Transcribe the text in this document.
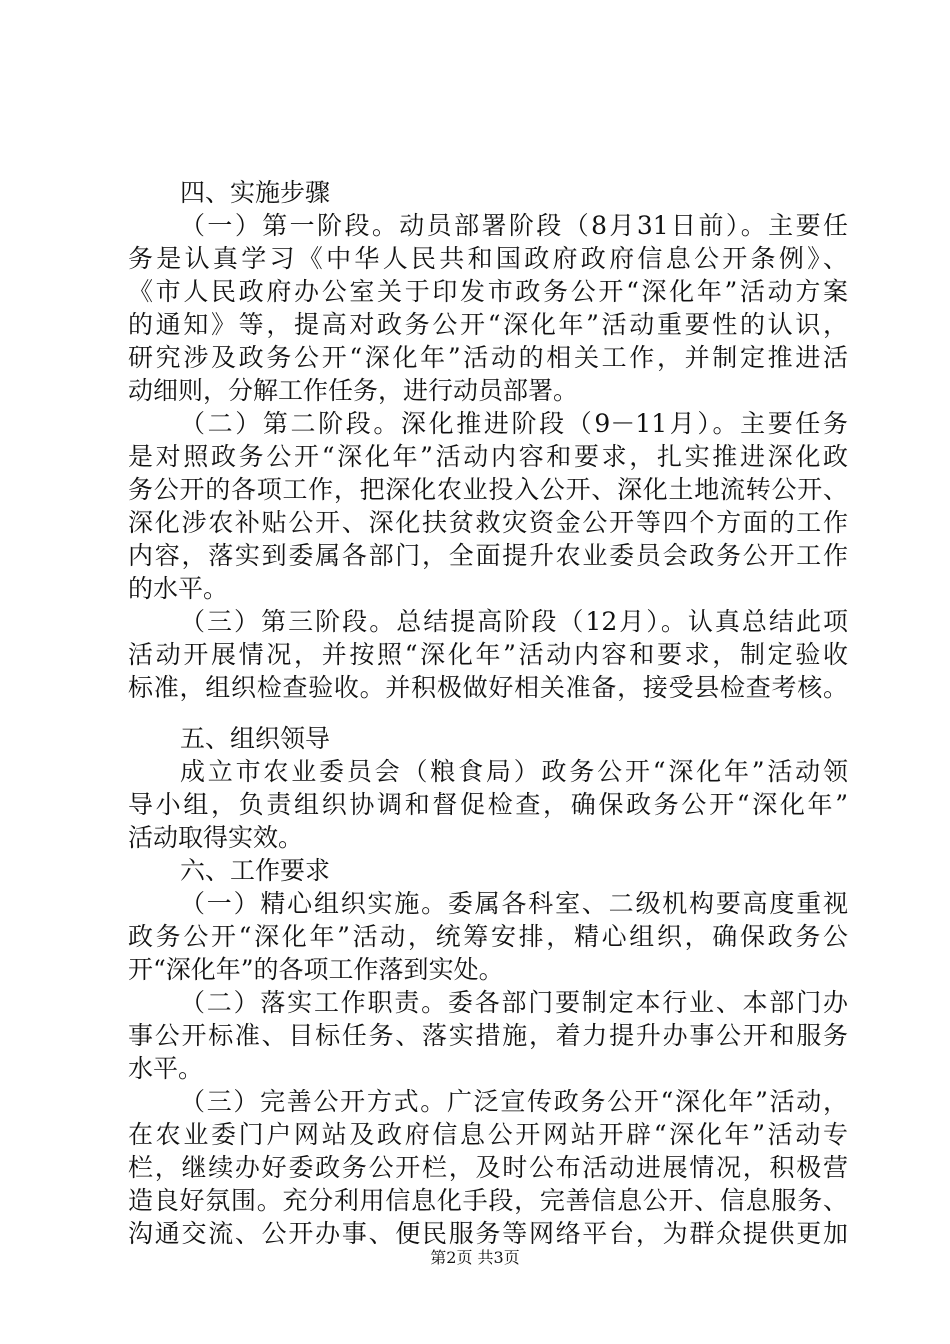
四、实施步骤
（一）第一阶段。动员部署阶段（8月31日前）。主要任
务是认真学习《中华人民共和国政府政府信息公开条例》、
《市人民政府办公室关于印发市政务公开“深化年”活动方案
的通知》等，提高对政务公开“深化年”活动重要性的认识，
研究涉及政务公开“深化年”活动的相关工作，并制定推进活
动细则，分解工作任务，进行动员部署。
（二）第二阶段。深化推进阶段（9－11月）。主要任务
是对照政务公开“深化年”活动内容和要求，扎实推进深化政
务公开的各项工作，把深化农业投入公开、深化土地流转公开、
深化涉农补贴公开、深化扶贫救灾资金公开等四个方面的工作
内容，落实到委属各部门，全面提升农业委员会政务公开工作
的水平。
（三）第三阶段。总结提高阶段（12月）。认真总结此项
活动开展情况，并按照“深化年”活动内容和要求，制定验收
标准，组织检查验收。并积极做好相关准备，接受县检查考核。
五、组织领导
成立市农业委员会（粮食局）政务公开“深化年”活动领
导小组，负责组织协调和督促检查，确保政务公开“深化年”
活动取得实效。
六、工作要求
（一）精心组织实施。委属各科室、二级机构要高度重视
政务公开“深化年”活动，统筹安排，精心组织，确保政务公
开“深化年”的各项工作落到实处。
（二）落实工作职责。委各部门要制定本行业、本部门办
事公开标准、目标任务、落实措施，着力提升办事公开和服务
水平。
（三）完善公开方式。广泛宣传政务公开“深化年”活动，
在农业委门户网站及政府信息公开网站开辟“深化年”活动专
栏，继续办好委政务公开栏，及时公布活动进展情况，积极营
造良好氛围。充分利用信息化手段，完善信息公开、信息服务、
沟通交流、公开办事、便民服务等网络平台，为群众提供更加
第2页 共3页
